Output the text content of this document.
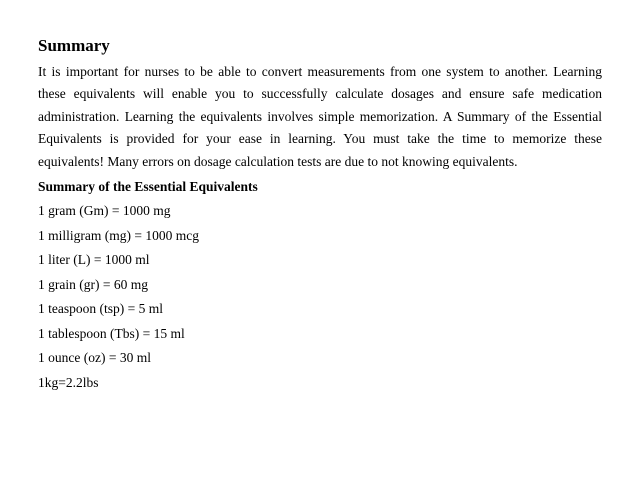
Summary

It is important for nurses to be able to convert measurements from one system to another. Learning these equivalents will enable you to successfully calculate dosages and ensure safe medication administration. Learning the equivalents involves simple memorization. A Summary of the Essential Equivalents is provided for your ease in learning. You must take the time to memorize these equivalents! Many errors on dosage calculation tests are due to not knowing equivalents.

Summary of the Essential Equivalents
1 gram (Gm) = 1000 mg
1 milligram (mg) = 1000 mcg
1 liter (L) = 1000 ml
1 grain (gr) = 60 mg
1 teaspoon (tsp) = 5 ml
1 tablespoon (Tbs) = 15 ml
1 ounce (oz) = 30 ml
1kg=2.2lbs
